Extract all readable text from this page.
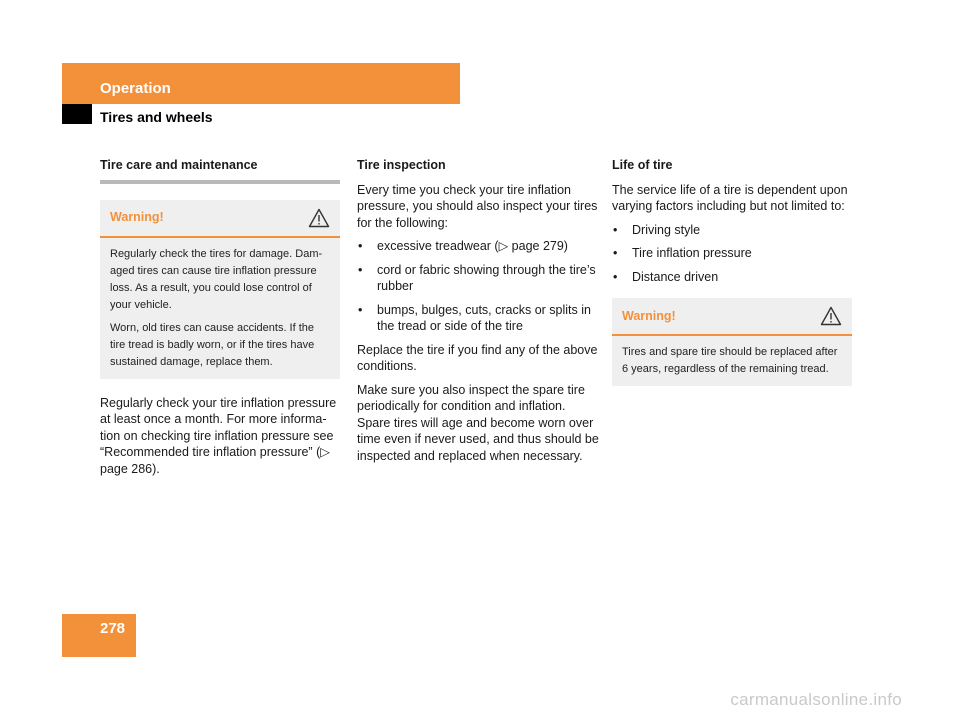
Operation
Tires and wheels
Tire care and maintenance
Warning!

Regularly check the tires for damage. Dam-aged tires can cause tire inflation pressure loss. As a result, you could lose control of your vehicle.

Worn, old tires can cause accidents. If the tire tread is badly worn, or if the tires have sustained damage, replace them.

Regularly check your tire inflation pressure at least once a month. For more informa-tion on checking tire inflation pressure see “Recommended tire inflation pressure” (▷ page 286).

Tire inspection

Every time you check your tire inflation pressure, you should also inspect your tires for the following:

• excessive treadwear (▷ page 279)
• cord or fabric showing through the tire’s rubber
• bumps, bulges, cuts, cracks or splits in the tread or side of the tire

Replace the tire if you find any of the above conditions.

Make sure you also inspect the spare tire periodically for condition and inflation. Spare tires will age and become worn over time even if never used, and thus should be inspected and replaced when necessary.

Life of tire

The service life of a tire is dependent upon varying factors including but not limited to:

• Driving style
• Tire inflation pressure
• Distance driven
Warning!

Tires and spare tire should be replaced after 6 years, regardless of the remaining tread.

278
carmanualsonline.info
